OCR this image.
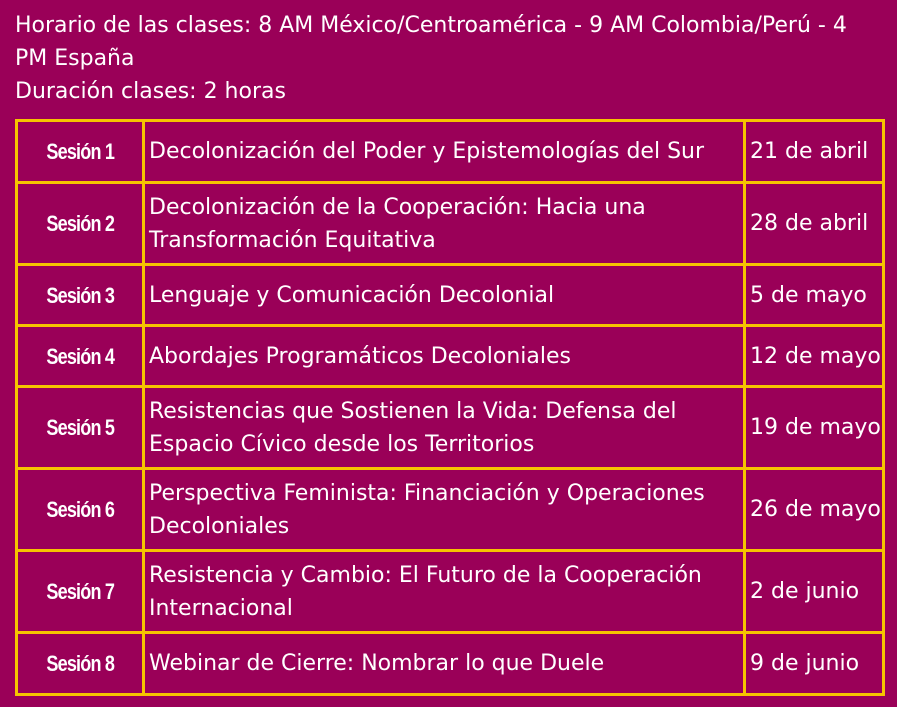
Horario de las clases: 8 AM México/Centroamérica - 9 AM Colombia/Perú - 4 PM España

Duración clases: 2 horas

Sesión 1	Decolonización del Poder y Epistemologías del Sur	21 de abril
Sesión 2	Decolonización de la Cooperación: Hacia una Transformación Equitativa	28 de abril
Sesión 3	Lenguaje y Comunicación Decolonial	5 de mayo
Sesión 4	Abordajes Programáticos Decoloniales	12 de mayo
Sesión 5	Resistencias que Sostienen la Vida: Defensa del Espacio Cívico desde los Territorios	19 de mayo
Sesión 6	Perspectiva Feminista: Financiación y Operaciones Decoloniales	26 de mayo
Sesión 7	Resistencia y Cambio: El Futuro de la Cooperación Internacional	2 de junio
Sesión 8	Webinar de Cierre: Nombrar lo que Duele	9 de junio
